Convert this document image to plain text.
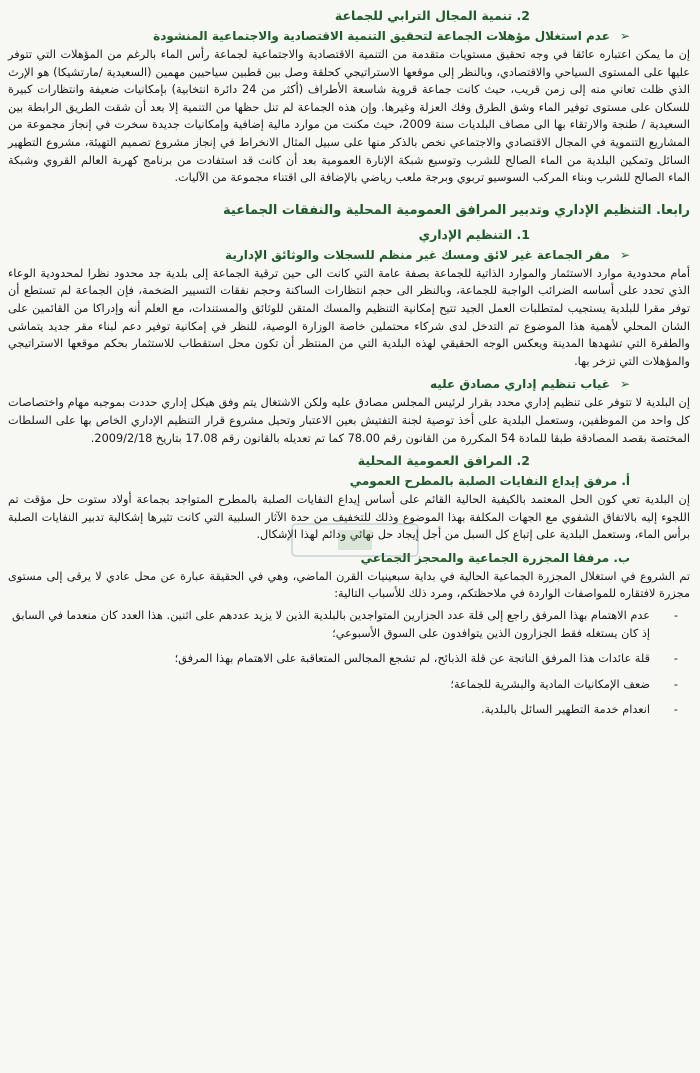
2. تنمية المجال الترابي للجماعة
➢عدم استغلال مؤهلات الجماعة لتحقيق التنمية الاقتصادية والاجتماعية المنشودة

إن ما يمكن اعتباره عائقا في وجه تحقيق مستويات متقدمة من التنمية الاقتصادية والاجتماعية لجماعة رأس الماء بالرغم من المؤهلات التي تتوفر عليها على المستوى السياحي والاقتصادي، وبالنظر إلى موقعها الاستراتيجي كحلقة وصل بين قطبين سياحيين مهمين (السعيدية /مارتشيكا) هو الإرث الذي ظلت تعاني منه إلى زمن قريب، حيث كانت جماعة قروية شاسعة الأطراف (أكثر من 24 دائرة انتخابية) بإمكانيات ضعيفة وانتظارات كبيرة للسكان على مستوى توفير الماء وشق الطرق وفك العزلة وغيرها. وإن هذه الجماعة لم تنل حظها من التنمية إلا بعد أن شقت الطريق الرابطة بين السعيدية / طنجة والارتقاء بها الى مصاف البلديات سنة 2009، حيث مكنت من موارد مالية إضافية وإمكانيات جديدة سخرت في إنجاز مجموعة من المشاريع التنموية في المجال الاقتصادي والاجتماعي نخص بالذكر منها على سبيل المثال الانخراط في إنجاز مشروع تصميم التهيئة، مشروع التطهير السائل وتمكين البلدية من الماء الصالح للشرب وتوسيع شبكة الإنارة العمومية بعد أن كانت قد استفادت من برنامج كهربة العالم القروي وشبكة الماء الصالح للشرب وبناء المركب السوسيو تربوي وبرجة ملعب رياضي بالإضافة الى اقتناء مجموعة من الآليات.

رابعا. التنظيم الإداري وتدبير المرافق العمومية المحلية والنفقات الجماعية
1. التنظيم الإداري
➢مقر الجماعة غير لائق ومسك غير منظم للسجلات والوثائق الإدارية

أمام محدودية موارد الاستثمار والموارد الذاتية للجماعة بصفة عامة التي كانت الى حين ترقية الجماعة إلى بلدية جد محدود نظرا لمحدودية الوعاء الذي تحدد على أساسه الضرائب الواجبة للجماعة، وبالنظر الى حجم انتظارات الساكنة وحجم نفقات التسيير الضخمة، فإن الجماعة لم تستطع أن توفر مقرا للبلدية يستجيب لمتطلبات العمل الجيد تتيح إمكانية التنظيم والمسك المتقن للوثائق والمستندات، مع العلم أنه وإدراكا من القائمين على الشان المحلي لأهمية هذا الموضوع تم التدخل لدى شركاء محتملين خاصة الوزارة الوصية، للنظر في إمكانية توفير دعم لبناء مقر جديد يتماشى والطفرة التي تشهدها المدينة ويعكس الوجه الحقيقي لهذه البلدية التي من المنتظر أن تكون محل استقطاب للاستثمار بحكم موقعها الاستراتيجي والمؤهلات التي تزخر بها.

➢غياب تنظيم إداري مصادق عليه

إن البلدية لا تتوفر على تنظيم إداري محدد بقرار لرئيس المجلس مصادق عليه ولكن الاشتغال يتم وفق هيكل إداري حددت بموجبه مهام واختصاصات كل واحد من الموظفين، وستعمل البلدية على أخذ توصية لجنة التفتيش بعين الاعتبار وتحيل مشروع قرار التنظيم الإداري الخاص بها على السلطات المختصة بقصد المصادقة طبقا للمادة 54 المكررة من القانون رقم 78.00 كما تم تعديله بالقانون رقم 17.08 بتاريخ 2009/2/18.

2. المرافق العمومية المحلية
أ. مرفق إيداع النفايات الصلبة بالمطرح العمومي

إن البلدية تعي كون الحل المعتمد بالكيفية الحالية القائم على أساس إيداع النفايات الصلبة بالمطرح المتواجد بجماعة أولاد ستوت حل مؤقت تم اللجوء إليه بالاتفاق الشفوي مع الجهات المكلفة بهذا الموضوع وذلك للتخفيف من حدة الآثار السلبية التي كانت تثيرها إشكالية تدبير النفايات الصلبة برأس الماء، وستعمل البلدية على إتباع كل السبل من أجل إيجاد حل نهائي ودائم لهذا الإشكال.

ب. مرفقا المجزرة الجماعية والمحجز الجماعي

تم الشروع في استغلال المجزرة الجماعية الحالية في بداية سبعينيات القرن الماضي، وهي في الحقيقة عبارة عن محل عادي لا يرقى إلى مستوى مجزرة لافتقاره للمواصفات الواردة في ملاحظتكم، ومرد ذلك للأسباب التالية:

-
عدم الاهتمام بهذا المرفق راجع إلى قلة عدد الجزارين المتواجدين بالبلدية الذين لا يزيد عددهم على اثنين. هذا العدد كان منعدما في السابق إذ كان يستغله فقط الجزارون الذين يتوافدون على السوق الأسبوعي؛
-
قلة عائدات هذا المرفق الناتجة عن قلة الذبائح، لم تشجع المجالس المتعاقبة على الاهتمام بهذا المرفق؛
-
ضعف الإمكانيات المادية والبشرية للجماعة؛
-
انعدام خدمة التطهير السائل بالبلدية.
